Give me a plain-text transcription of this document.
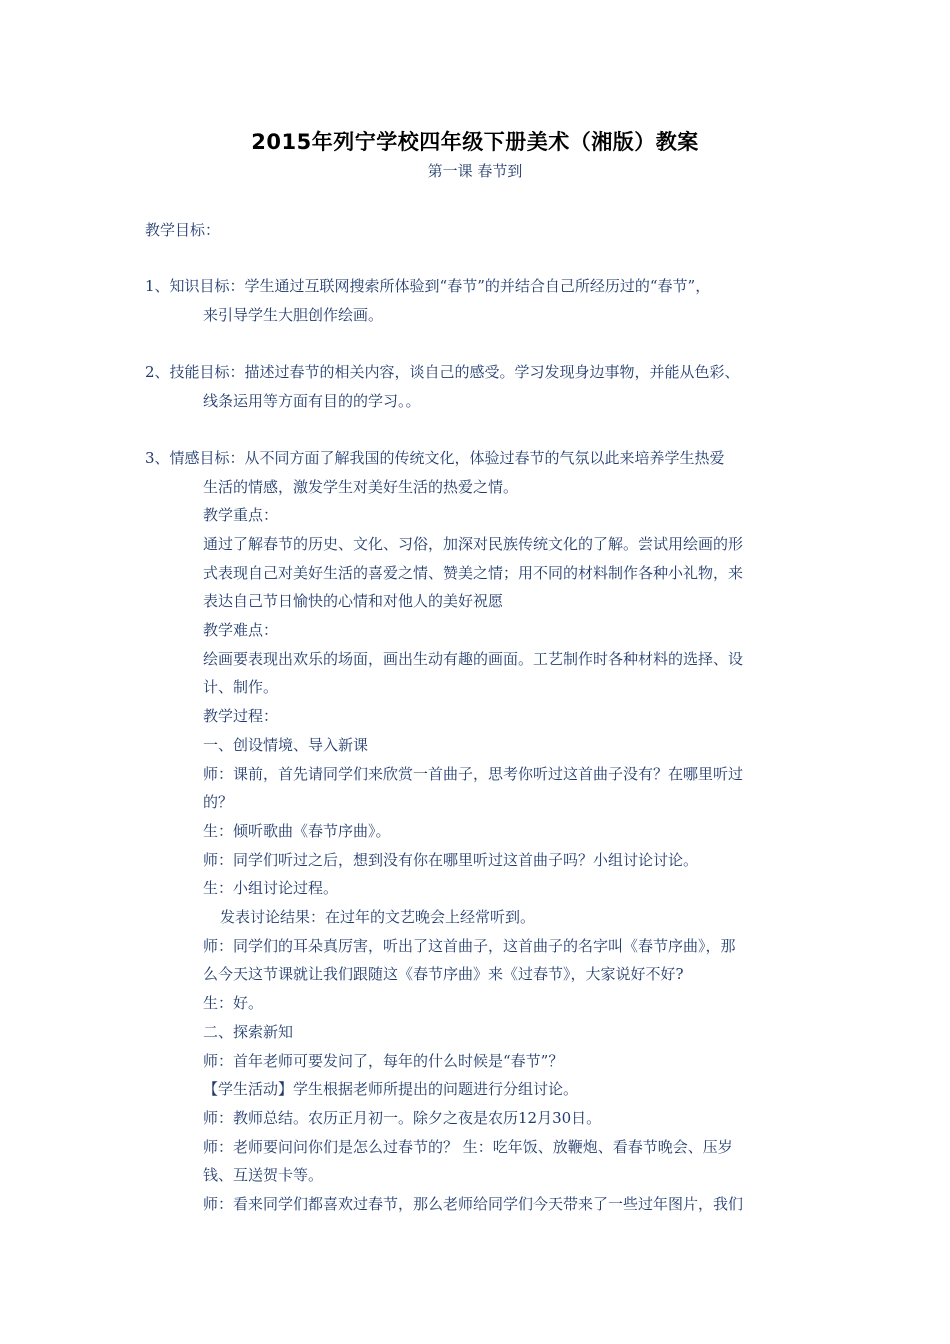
2015年列宁学校四年级下册美术（湘版）教案
第一课 春节到
教学目标：
1、知识目标：学生通过互联网搜索所体验到“春节”的并结合自己所经历过的“春节”，
来引导学生大胆创作绘画。
2、技能目标：描述过春节的相关内容，谈自己的感受。学习发现身边事物，并能从色彩、
线条运用等方面有目的的学习。。
3、情感目标：从不同方面了解我国的传统文化，体验过春节的气氛以此来培养学生热爱
生活的情感，激发学生对美好生活的热爱之情。
教学重点：
通过了解春节的历史、文化、习俗，加深对民族传统文化的了解。尝试用绘画的形
式表现自己对美好生活的喜爱之情、赞美之情；用不同的材料制作各种小礼物，来
表达自己节日愉快的心情和对他人的美好祝愿
教学难点：
绘画要表现出欢乐的场面，画出生动有趣的画面。工艺制作时各种材料的选择、设
计、制作。
教学过程：
一、创设情境、导入新课
师：课前，首先请同学们来欣赏一首曲子，思考你听过这首曲子没有？在哪里听过
的？
生：倾听歌曲《春节序曲》。
师：同学们听过之后，想到没有你在哪里听过这首曲子吗？小组讨论讨论。
生：小组讨论过程。
发表讨论结果：在过年的文艺晚会上经常听到。
师：同学们的耳朵真厉害，听出了这首曲子，这首曲子的名字叫《春节序曲》，那
么今天这节课就让我们跟随这《春节序曲》来《过春节》，大家说好不好?
生：好。
二、探索新知
师：首年老师可要发问了，每年的什么时候是“春节”？
【学生活动】学生根据老师所提出的问题进行分组讨论。
师：教师总结。农历正月初一。除夕之夜是农历12月30日。
师：老师要问问你们是怎么过春节的？ 生：吃年饭、放鞭炮、看春节晚会、压岁
钱、互送贺卡等。
师：看来同学们都喜欢过春节，那么老师给同学们今天带来了一些过年图片，我们
